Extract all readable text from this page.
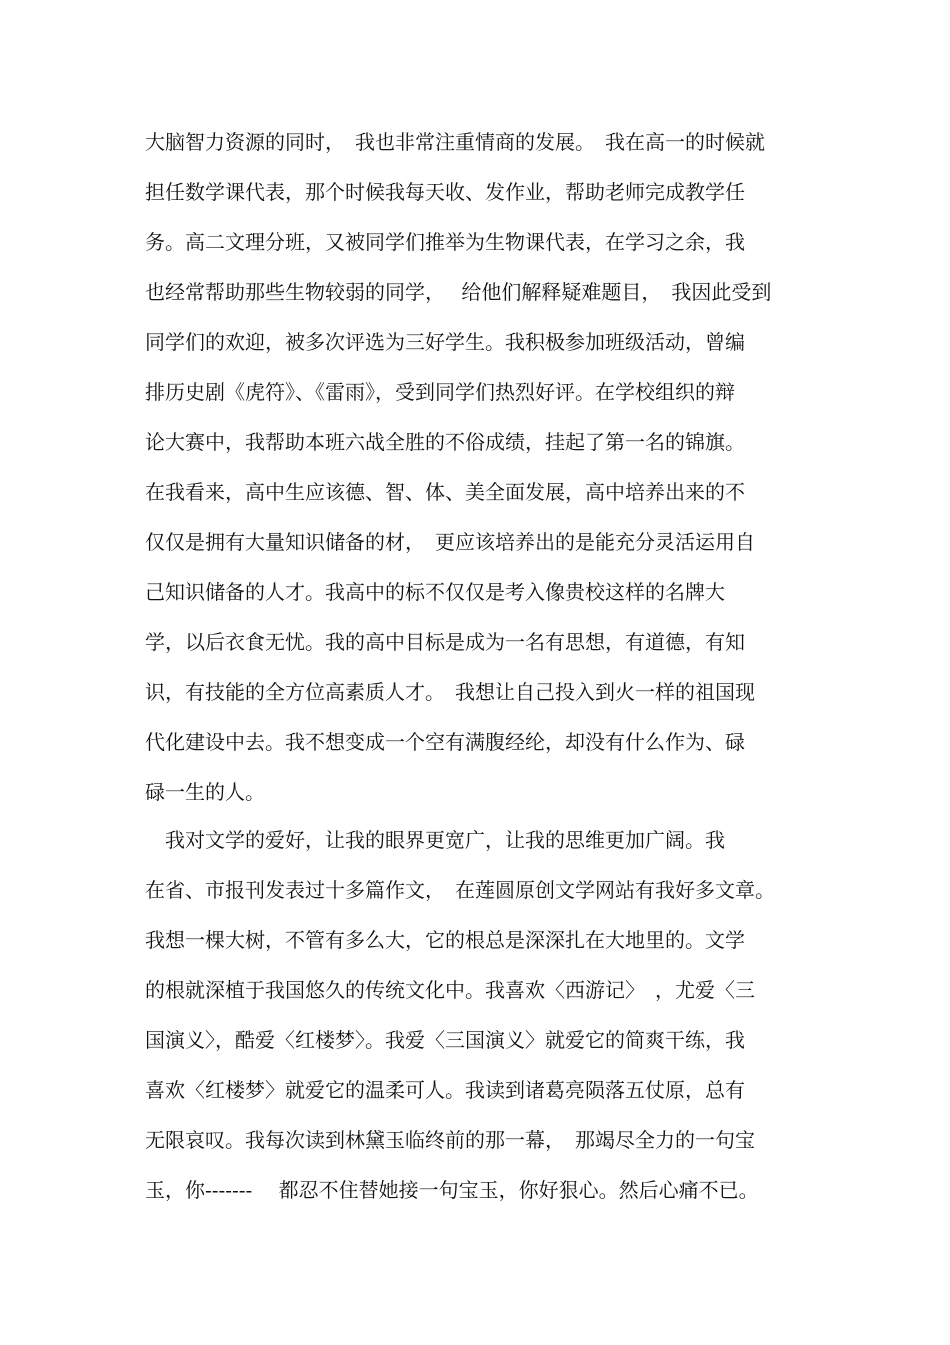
大脑智力资源的同时，　我也非常注重情商的发展。　我在高一的时候就

担任数学课代表，那个时候我每天收、发作业，帮助老师完成教学任

务。高二文理分班，又被同学们推举为生物课代表，在学习之余，我

也经常帮助那些生物较弱的同学，　 给他们解释疑难题目，　我因此受到

同学们的欢迎，被多次评选为三好学生。我积极参加班级活动，曾编

排历史剧《虎符》、《雷雨》，受到同学们热烈好评。在学校组织的辩

论大赛中，我帮助本班六战全胜的不俗成绩，挂起了第一名的锦旗。

在我看来，高中生应该德、智、体、美全面发展，高中培养出来的不

仅仅是拥有大量知识储备的材，　更应该培养出的是能充分灵活运用自

己知识储备的人才。我高中的标不仅仅是考入像贵校这样的名牌大

学，以后衣食无忧。我的高中目标是成为一名有思想，有道德，有知

识，有技能的全方位高素质人才。　我想让自己投入到火一样的祖国现

代化建设中去。我不想变成一个空有满腹经纶，却没有什么作为、碌

碌一生的人。

　我对文学的爱好，让我的眼界更宽广，让我的思维更加广阔。我

在省、市报刊发表过十多篇作文，　在莲圆原创文学网站有我好多文章。

我想一棵大树，不管有多么大，它的根总是深深扎在大地里的。文学

的根就深植于我国悠久的传统文化中。我喜欢〈西游记〉　，尤爱〈三

国演义〉，酷爱〈红楼梦〉。我爱〈三国演义〉就爱它的简爽干练，我

喜欢〈红楼梦〉就爱它的温柔可人。我读到诸葛亮陨落五仗原，总有

无限哀叹。我每次读到林黛玉临终前的那一幕，　那竭尽全力的一句宝

玉，你-------　 都忍不住替她接一句宝玉，你好狠心。然后心痛不已。
